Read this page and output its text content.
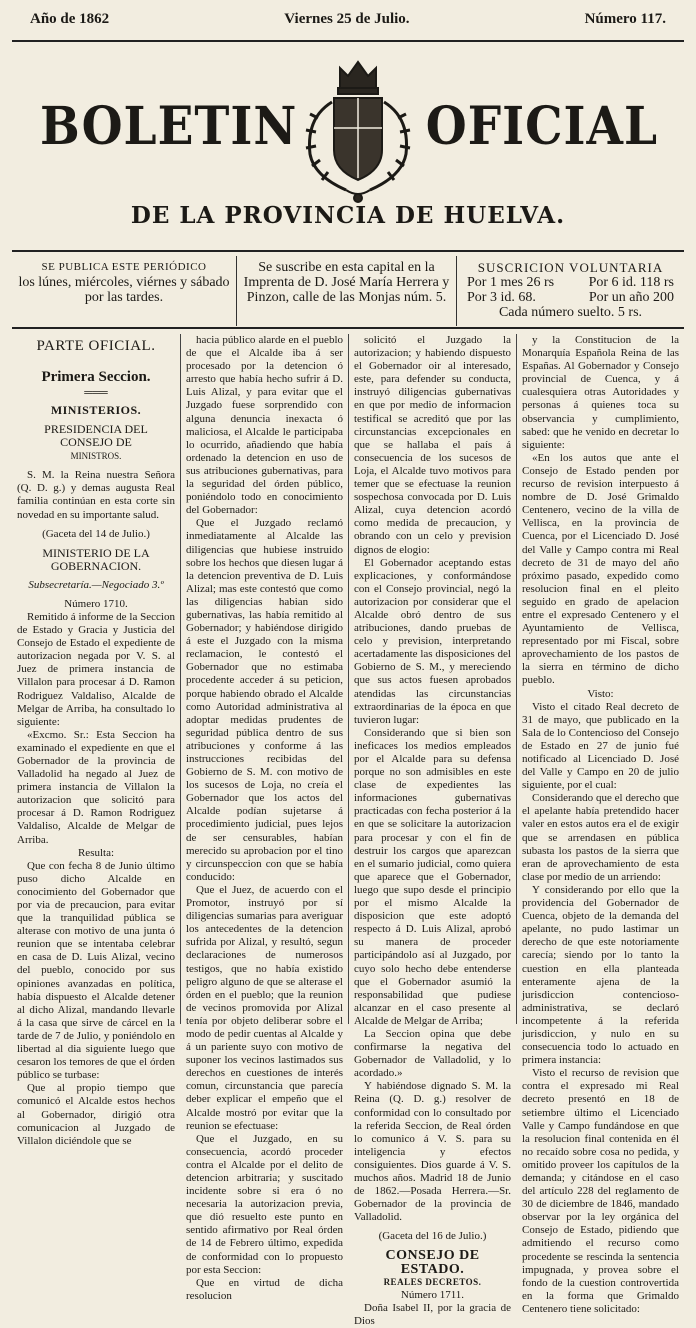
Año de 1862	Viernes 25 de Julio.	Número 117.
BOLETIN	OFICIAL
DE LA PROVINCIA DE HUELVA.
SE PUBLICA ESTE PERIÓDICO
los lúnes, miércoles, viérnes y sábado
por las tardes.
Se suscribe en esta capital en la Imprenta de D. José María Herrera y Pinzon, calle de las Monjas núm. 5.
SUSCRICION VOLUNTARIA
Por 1 mes 26 rs Por 6 id. 118 rs
Por 3 id. 68.	Por un año 200
Cada número suelto. 5 rs.
PARTE OFICIAL.
Primera Seccion.
═══
MINISTERIOS.
PRESIDENCIA DEL CONSEJO DE
MINISTROS.

S. M. la Reina nuestra Señora (Q. D. g.) y demas augusta Real familia continúan en esta corte sin novedad en su importante salud.

(Gaceta del 14 de Julio.)
MINISTERIO DE LA GOBERNACION.
Subsecretaría.—Negociado 3.º
Número 1710.

Remitido á informe de la Seccion de Estado y Gracia y Justicia del Consejo de Estado el expediente de autorizacion negada por V. S. al Juez de primera instancia de Villalon para procesar á D. Ramon Rodriguez Valdaliso, Alcalde de Melgar de Arriba, ha consultado lo siguiente:

«Excmo. Sr.: Esta Seccion ha examinado el expediente en que el Gobernador de la provincia de Valladolid ha negado al Juez de primera instancia de Villalon la autorizacion que solicitó para procesar á D. Ramon Rodriguez Valdaliso, Alcalde de Melgar de Arriba.

Resulta:

Que con fecha 8 de Junio último puso dicho Alcalde en conocimiento del Gobernador que por via de precaucion, para evitar que la tranquilidad pública se alterase con motivo de una junta ó reunion que se intentaba celebrar en casa de D. Luis Alizal, vecino del pueblo, conocido por sus opiniones avanzadas en política, había dispuesto el Alcalde detener al dicho Alizal, mandando llevarle á la casa que sirve de cárcel en la tarde de 7 de Julio, y poniéndolo en libertad al dia siguiente luego que cesaron los temores de que el órden público se turbase:

Que al propio tiempo que comunicó el Alcalde estos hechos al Gobernador, dirigió otra comunicacion al Juzgado de Villalon diciéndole que se

hacia público alarde en el pueblo de que el Alcalde iba á ser procesado por la detencion ó arresto que había hecho sufrir á D. Luis Alizal, y para evitar que el Juzgado fuese sorprendido con alguna denuncia inexacta ó maliciosa, el Alcalde le participaba lo ocurrido, añadiendo que había ordenado la detencion en uso de sus atribuciones gubernativas, para la seguridad del órden público, poniéndolo todo en conocimiento del Gobernador:

Que el Juzgado reclamó inmediatamente al Alcalde las diligencias que hubiese instruido sobre los hechos que diesen lugar á la detencion preventiva de D. Luis Alizal; mas este contestó que como las diligencias habian sido gubernativas, las había remitido al Gobernador; y habiéndose dirigido á este el Juzgado con la misma reclamacion, le contestó el Gobernador que no estimaba procedente acceder á su peticion, porque habiendo obrado el Alcalde como Autoridad administrativa al adoptar medidas prudentes de seguridad pública dentro de sus atribuciones y conforme á las instrucciones recibidas del Gobierno de S. M. con motivo de los sucesos de Loja, no creía el Gobernador que los actos del Alcalde podían sujetarse á procedimiento judicial, pues lejos de ser censurables, habían merecido su aprobacion por el tino y circunspeccion con que se había conducido:

Que el Juez, de acuerdo con el Promotor, instruyó por sí diligencias sumarias para averiguar los antecedentes de la detencion sufrida por Alizal, y resultó, segun declaraciones de numerosos testigos, que no había existido peligro alguno de que se alterase el órden en el pueblo; que la reunion de vecinos promovida por Alizal tenía por objeto deliberar sobre el modo de pedir cuentas al Alcalde y á un pariente suyo con motivo de suponer los vecinos lastimados sus derechos en cuestiones de interés comun, circunstancia que parecía deber explicar el empeño que el Alcalde mostró por evitar que la reunion se efectuase:

Que el Juzgado, en su consecuencia, acordó proceder contra el Alcalde por el delito de detencion arbitraria; y suscitado incidente sobre si era ó no necesaria la autorizacion previa, que dió resuelto este punto en sentido afirmativo por Real órden de 14 de Febrero último, expedida de conformidad con lo propuesto por esta Seccion:

Que en virtud de dicha resolucion

solicitó el Juzgado la autorizacion; y habiendo dispuesto el Gobernador oir al interesado, este, para defender su conducta, instruyó diligencias gubernativas en que por medio de informacion testifical se acreditó que por las circunstancias excepcionales en que se hallaba el país á consecuencia de los sucesos de Loja, el Alcalde tuvo motivos para temer que se efectuase la reunion sospechosa convocada por D. Luis Alizal, cuya detencion acordó como medida de precaucion, y obrando con un celo y prevision dignos de elogio:

El Gobernador aceptando estas explicaciones, y conformándose con el Consejo provincial, negó la autorizacion por considerar que el Alcalde obró dentro de sus atribuciones, dando pruebas de celo y prevision, interpretando acertadamente las disposiciones del Gobierno de S. M., y mereciendo que sus actos fuesen aprobados atendidas las circunstancias extraordinarias de la época en que tuvieron lugar:

Considerando que si bien son ineficaces los medios empleados por el Alcalde para su defensa porque no son admisibles en este clase de expedientes las informaciones gubernativas practicadas con fecha posterior á la en que se solicitare la autorizacion para procesar y con el fin de destruir los cargos que aparezcan en el sumario judicial, como quiera que aparece que el Gobernador, luego que supo desde el principio por el mismo Alcalde la disposicion que este adoptó respecto á D. Luis Alizal, aprobó su manera de proceder participándolo así al Juzgado, por cuyo solo hecho debe entenderse que el Gobernador asumió la responsabilidad que pudiese alcanzar en el caso presente al Alcalde de Melgar de Arriba;

La Seccion opina que debe confirmarse la negativa del Gobernador de Valladolid, y lo acordado.»

Y habiéndose dignado S. M. la Reina (Q. D. g.) resolver de conformidad con lo consultado por la referida Seccion, de Real órden lo comunico á V. S. para su inteligencia y efectos consiguientes. Dios guarde á V. S. muchos años. Madrid 18 de Junio de 1862.—Posada Herrera.—Sr. Gobernador de la provincia de Valladolid.

(Gaceta del 16 de Julio.)
CONSEJO DE ESTADO.
REALES DECRETOS.
Número 1711.

Doña Isabel II, por la gracia de Dios

y la Constitucion de la Monarquía Española Reina de las Españas. Al Gobernador y Consejo provincial de Cuenca, y á cualesquiera otras Autoridades y personas á quienes toca su observancia y cumplimiento, sabed: que he venido en decretar lo siguiente:

«En los autos que ante el Consejo de Estado penden por recurso de revision interpuesto á nombre de D. José Grimaldo Centenero, vecino de la villa de Vellisca, en la provincia de Cuenca, por el Licenciado D. José del Valle y Campo contra mi Real decreto de 31 de mayo del año próximo pasado, expedido como resolucion final en el pleito seguido en grado de apelacion entre el expresado Centenero y el Ayuntamiento de Vellisca, representado por mi Fiscal, sobre aprovechamiento de los pastos de la sierra en término de dicho pueblo.

Visto:

Visto el citado Real decreto de 31 de mayo, que publicado en la Sala de lo Contencioso del Consejo de Estado en 27 de junio fué notificado al Licenciado D. José del Valle y Campo en 20 de julio siguiente, por el cual:

Considerando que el derecho que el apelante había pretendido hacer valer en estos autos era el de exigir que se arrendasen en pública subasta los pastos de la sierra que eran de aprovechamiento de esta clase por medio de un arriendo:

Y considerando por ello que la providencia del Gobernador de Cuenca, objeto de la demanda del apelante, no pudo lastimar un derecho de que este notoriamente carecía; siendo por lo tanto la cuestion en ella planteada enteramente ajena de la jurisdiccion contencioso-administrativa, se declaró incompetente á la referida jurisdiccion, y nulo en su consecuencia todo lo actuado en primera instancia:

Visto el recurso de revision que contra el expresado mi Real decreto presentó en 18 de setiembre último el Licenciado Valle y Campo fundándose en que la resolucion final contenida en él no recaído sobre cosa no pedida, y omitido proveer los capítulos de la demanda; y citándose en el caso del artículo 228 del reglamento de 30 de diciembre de 1846, mandado observar por la ley orgánica del Consejo de Estado, pidiendo que admitiendo el recurso como procedente se rescinda la sentencia impugnada, y provea sobre el fondo de la cuestion controvertida en la forma que Grimaldo Centenero tiene solicitado:
